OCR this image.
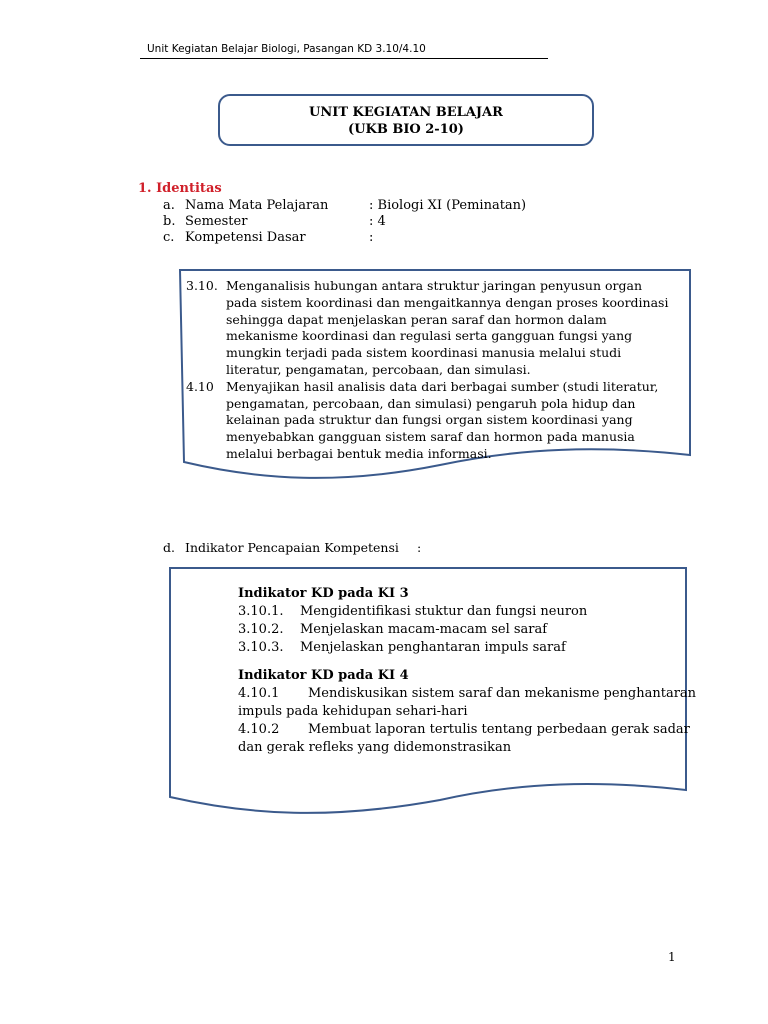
Unit Kegiatan Belajar Biologi, Pasangan KD 3.10/4.10
UNIT KEGIATAN BELAJAR
(UKB BIO 2-10)
1. Identitas
a. Nama Mata Pelajaran	: Biologi XI (Peminatan)
b. Semester	: 4
c. Kompetensi Dasar	:
3.10. Menganalisis hubungan antara struktur jaringan penyusun organ pada sistem koordinasi dan mengaitkannya dengan proses koordinasi sehingga dapat menjelaskan peran saraf dan hormon dalam mekanisme koordinasi dan regulasi serta gangguan fungsi yang mungkin terjadi pada sistem koordinasi manusia melalui studi literatur, pengamatan, percobaan, dan simulasi.
4.10 Menyajikan hasil analisis data dari berbagai sumber (studi literatur, pengamatan, percobaan, dan simulasi) pengaruh pola hidup dan kelainan pada struktur dan fungsi organ sistem koordinasi yang menyebabkan gangguan sistem saraf dan hormon pada manusia melalui berbagai bentuk media informasi.
d. Indikator Pencapaian Kompetensi :
Indikator KD pada KI 3
3.10.1. Mengidentifikasi stuktur dan fungsi neuron
3.10.2. Menjelaskan macam-macam sel saraf
3.10.3. Menjelaskan penghantaran impuls saraf
Indikator KD pada KI 4
4.10.1 Mendiskusikan sistem saraf dan mekanisme penghantaran
impuls pada kehidupan sehari-hari
4.10.2 Membuat laporan tertulis tentang perbedaan gerak sadar
dan gerak refleks yang didemonstrasikan
1
